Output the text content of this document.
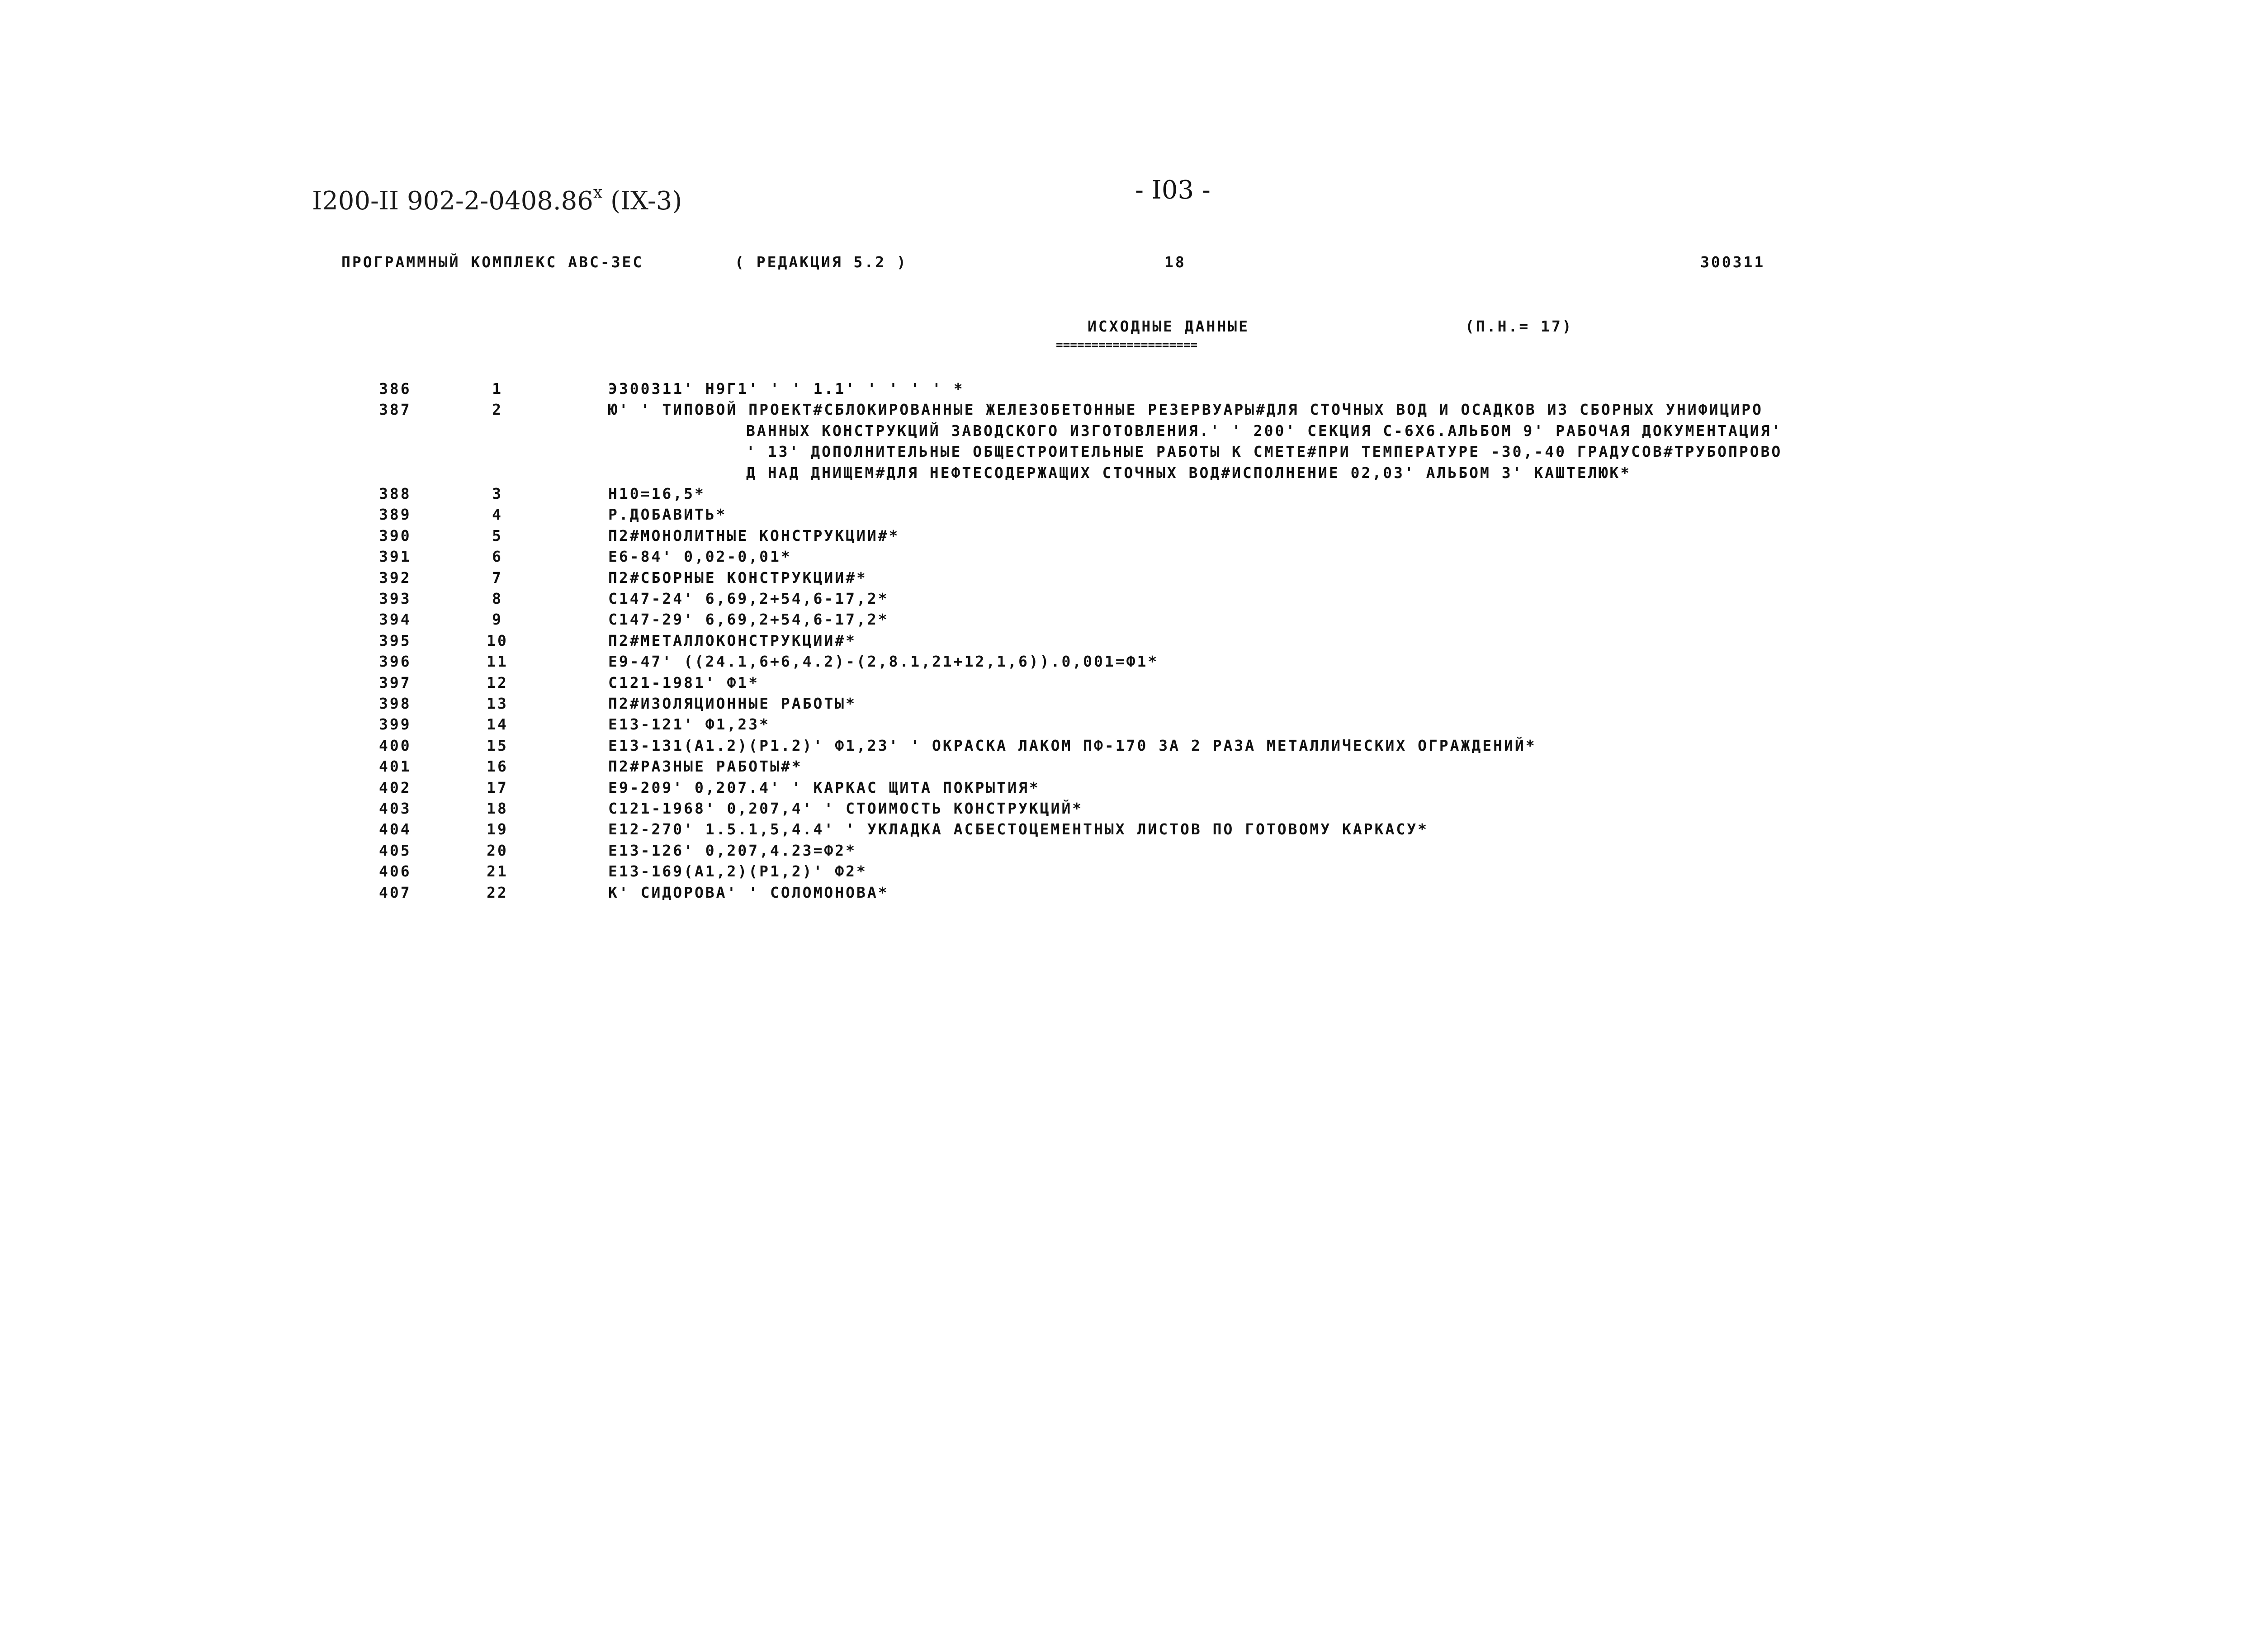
I200-II 902-2-0408.86$^x$ (IX-3)	- I03 -
ПРОГРАММНЫЙ КОМПЛЕКС АВС-3ЕС	( РЕДАКЦИЯ 5.2 )	18	300311
ИСХОДНЫЕ ДАННЫЕ
====================
(П.Н.= 17)
386	1	Э300311' Н9Г1' ' ' 1.1' ' ' ' ' *
387	2	Ю' ' ТИПОВОЙ ПРОЕКТ#СБЛОКИРОВАННЫЕ ЖЕЛЕЗОБЕТОННЫЕ РЕЗЕРВУАРЫ#ДЛЯ СТОЧНЫХ ВОД И ОСАДКОВ ИЗ СБОРНЫХ УНИФИЦИРО
ВАННЫХ КОНСТРУКЦИЙ ЗАВОДСКОГО ИЗГОТОВЛЕНИЯ.' ' 200' СЕКЦИЯ С-6Х6.АЛЬБОМ 9' РАБОЧАЯ ДОКУМЕНТАЦИЯ'
' 13' ДОПОЛНИТЕЛЬНЫЕ ОБЩЕСТРОИТЕЛЬНЫЕ РАБОТЫ К СМЕТЕ#ПРИ ТЕМПЕРАТУРЕ -30,-40 ГРАДУСОВ#ТРУБОПРОВО
Д НАД ДНИЩЕМ#ДЛЯ НЕФТЕСОДЕРЖАЩИХ СТОЧНЫХ ВОД#ИСПОЛНЕНИЕ 02,03' АЛЬБОМ 3' КАШТЕЛЮК*
388	3	Н10=16,5*
389	4	Р.ДОБАВИТЬ*
390	5	П2#МОНОЛИТНЫЕ КОНСТРУКЦИИ#*
391	6	Е6-84' 0,02-0,01*
392	7	П2#СБОРНЫЕ КОНСТРУКЦИИ#*
393	8	С147-24' 6,69,2+54,6-17,2*
394	9	С147-29' 6,69,2+54,6-17,2*
395	10	П2#МЕТАЛЛОКОНСТРУКЦИИ#*
396	11	Е9-47' ((24.1,6+6,4.2)-(2,8.1,21+12,1,6)).0,001=Ф1*
397	12	С121-1981' Ф1*
398	13	П2#ИЗОЛЯЦИОННЫЕ РАБОТЫ*
399	14	Е13-121' Ф1,23*
400	15	Е13-131(А1.2)(Р1.2)' Ф1,23' ' ОКРАСКА ЛАКОМ ПФ-170 ЗА 2 РАЗА МЕТАЛЛИЧЕСКИХ ОГРАЖДЕНИЙ*
401	16	П2#РАЗНЫЕ РАБОТЫ#*
402	17	Е9-209' 0,207.4' ' КАРКАС ЩИТА ПОКРЫТИЯ*
403	18	С121-1968' 0,207,4' ' СТОИМОСТЬ КОНСТРУКЦИЙ*
404	19	Е12-270' 1.5.1,5,4.4' ' УКЛАДКА АСБЕСТОЦЕМЕНТНЫХ ЛИСТОВ ПО ГОТОВОМУ КАРКАСУ*
405	20	Е13-126' 0,207,4.23=Ф2*
406	21	Е13-169(А1,2)(Р1,2)' Ф2*
407	22	К' СИДОРОВА' ' СОЛОМОНОВА*
